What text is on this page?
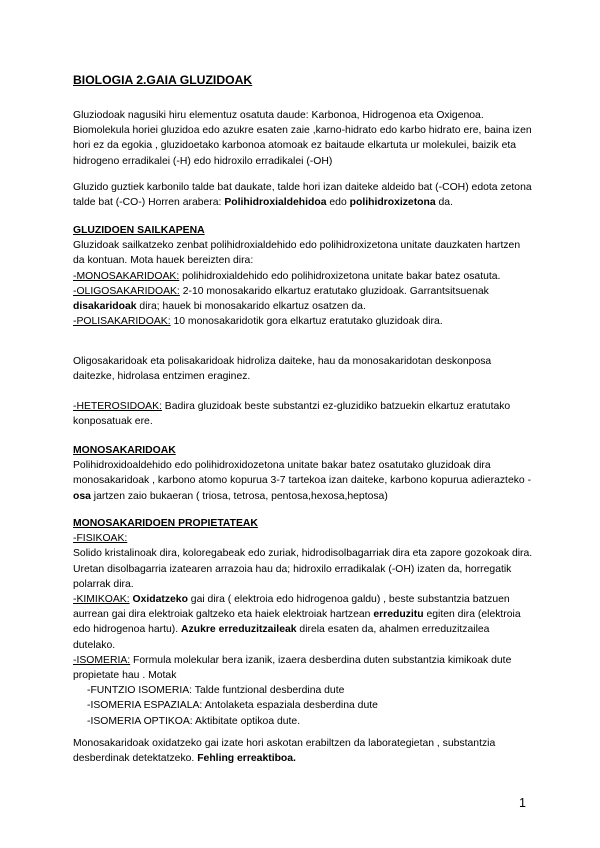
BIOLOGIA 2.GAIA GLUZIDOAK

Gluziodoak nagusiki hiru elementuz osatuta daude: Karbonoa, Hidrogenoa eta Oxigenoa. Biomolekula horiei gluzidoa edo azukre esaten zaie ,karno-hidrato edo karbo hidrato ere, baina izen hori ez da egokia , gluzidoetako karbonoa atomoak ez baitaude elkartuta ur molekulei, baizik eta hidrogeno erradikalei (-H) edo hidroxilo erradikalei (-OH)

Gluzido guztiek karbonilo talde bat daukate, talde hori izan daiteke aldeido bat (-COH) edota zetona talde bat (-CO-) Horren arabera: Polihidroxialdehidoa edo polihidroxizetona da.

GLUZIDOEN SAILKAPENA

Gluzidoak sailkatzeko zenbat polihidroxialdehido edo polihidroxizetona unitate dauzkaten hartzen da kontuan. Mota hauek bereizten dira:

-MONOSAKARIDOAK: polihidroxialdehido edo polihidroxizetona unitate bakar batez osatuta.

-OLIGOSAKARIDOAK: 2-10 monosakarido elkartuz eratutako gluzidoak. Garrantsitsuenak disakaridoak dira; hauek bi monosakarido elkartuz osatzen da.

-POLISAKARIDOAK: 10 monosakaridotik gora elkartuz eratutako gluzidoak dira.

Oligosakaridoak eta polisakaridoak hidroliza daiteke, hau da monosakaridotan deskonposa daitezke, hidrolasa entzimen eraginez.

-HETEROSIDOAK: Badira gluzidoak beste substantzi ez-gluzidiko batzuekin elkartuz eratutako konposatuak ere.

MONOSAKARIDOAK

Polihidroxidoaldehido edo polihidroxidozetona unitate bakar batez osatutako gluzidoak dira monosakaridoak , karbono atomo kopurua 3-7 tartekoa izan daiteke, karbono kopurua adierazteko -osa jartzen zaio bukaeran ( triosa, tetrosa, pentosa,hexosa,heptosa)

MONOSAKARIDOEN PROPIETATEAK

-FISIKOAK:

Solido kristalinoak dira, koloregabeak edo zuriak, hidrodisolbagarriak dira eta zapore gozokoak dira. Uretan disolbagarria izatearen arrazoia hau da; hidroxilo erradikalak (-OH) izaten da, horregatik polarrak dira.

-KIMIKOAK: Oxidatzeko gai dira ( elektroia edo hidrogenoa galdu) , beste substantzia batzuen aurrean gai dira elektroiak galtzeko eta haiek elektroiak hartzean erreduzitu egiten dira (elektroia edo hidrogenoa hartu). Azukre erreduzitzaileak direla esaten da, ahalmen erreduzitzailea dutelako.

-ISOMERIA: Formula molekular bera izanik, izaera desberdina duten substantzia kimikoak dute propietate hau . Motak

-FUNTZIO ISOMERIA: Talde funtzional desberdina dute

-ISOMERIA ESPAZIALA: Antolaketa espaziala desberdina dute

-ISOMERIA OPTIKOA: Aktibitate optikoa dute.

Monosakaridoak oxidatzeko gai izate hori askotan erabiltzen da laborategietan , substantzia desberdinak detektatzeko. Fehling erreaktiboa.

1
